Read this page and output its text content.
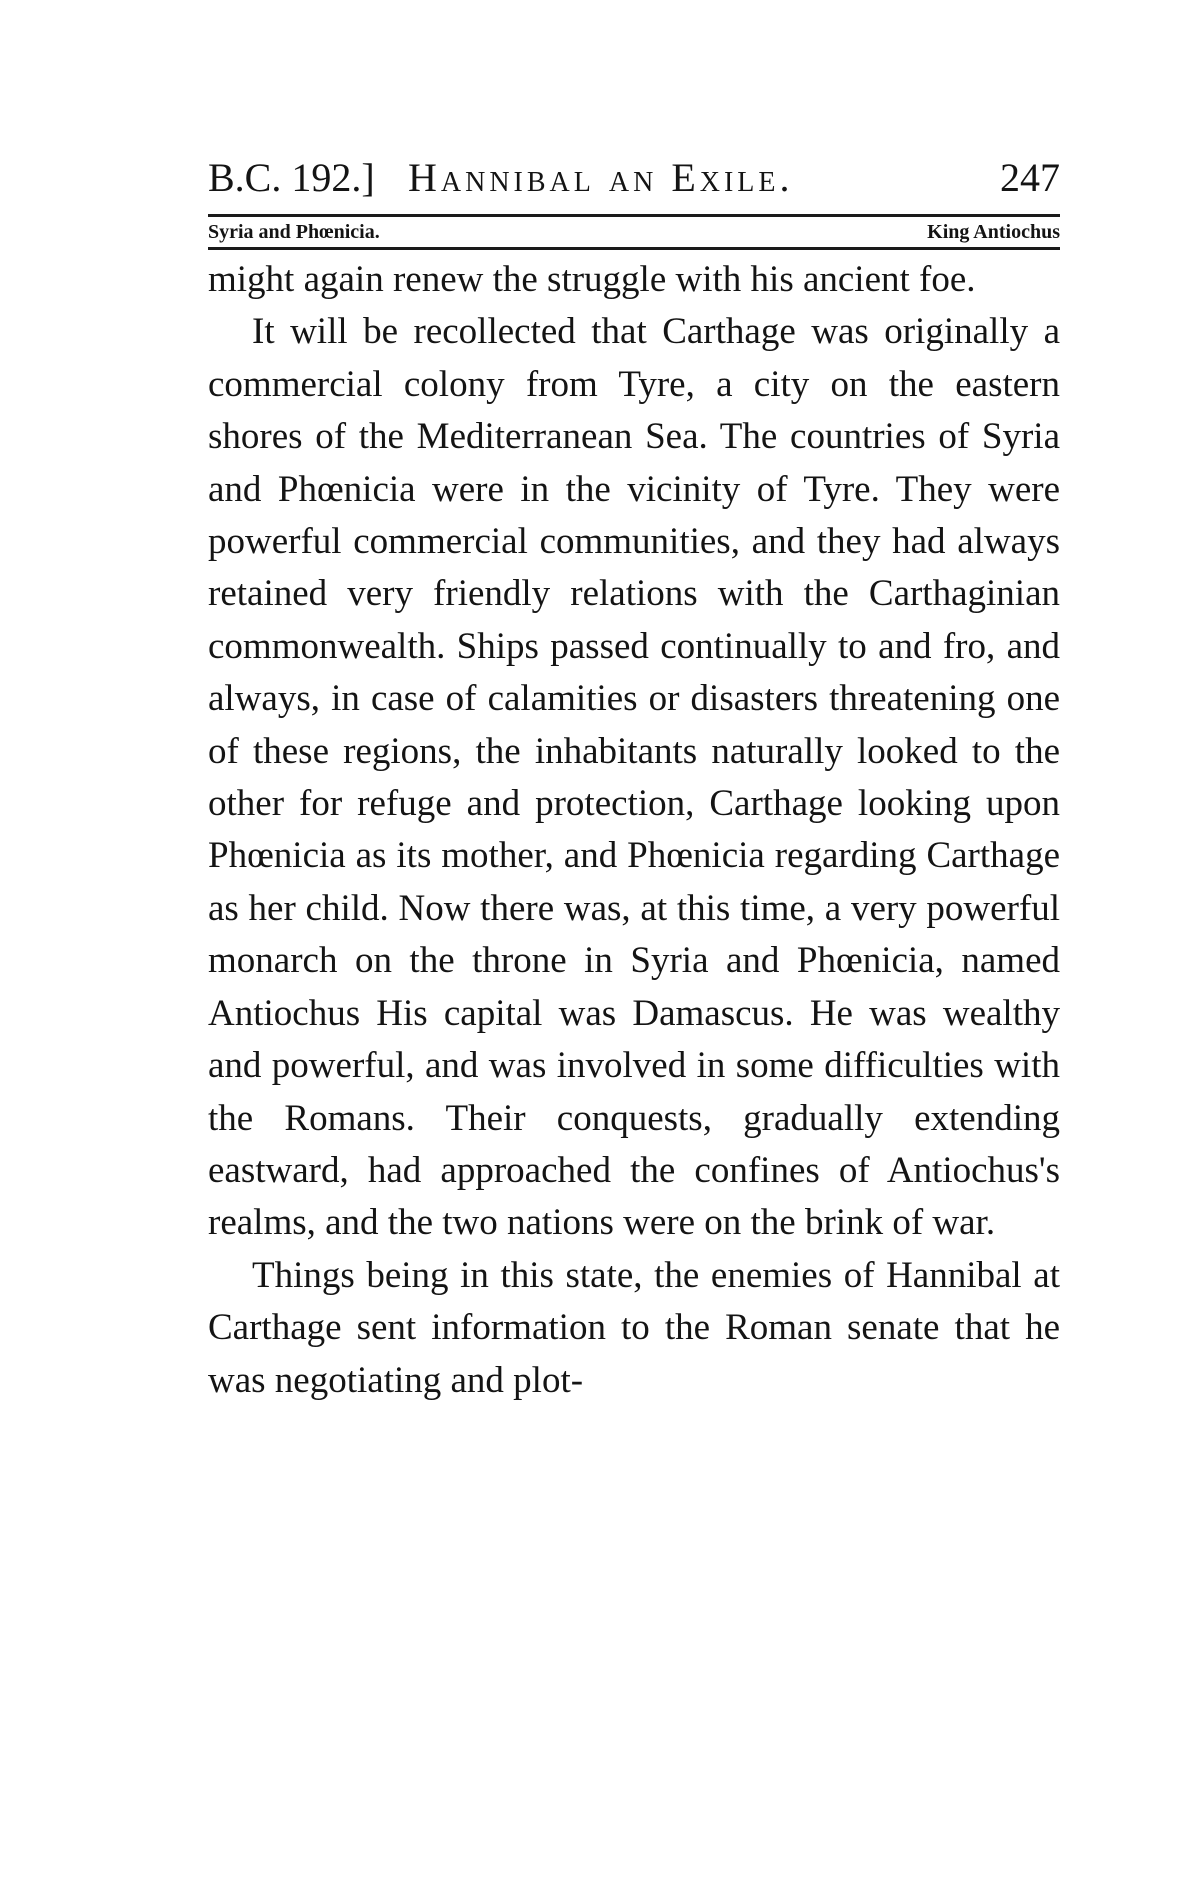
B.C. 192.] Hannibal an Exile.	247
Syria and Phœnicia.	King Antiochus

might again renew the struggle with his ancient foe.

It will be recollected that Carthage was originally a commercial colony from Tyre, a city on the eastern shores of the Mediterranean Sea. The countries of Syria and Phœnicia were in the vicinity of Tyre. They were powerful commercial communities, and they had always retained very friendly relations with the Carthaginian commonwealth. Ships passed continually to and fro, and always, in case of calamities or disasters threatening one of these regions, the inhabitants naturally looked to the other for refuge and protection, Carthage looking upon Phœnicia as its mother, and Phœnicia regarding Carthage as her child. Now there was, at this time, a very powerful monarch on the throne in Syria and Phœnicia, named Antiochus His capital was Damascus. He was wealthy and powerful, and was involved in some difficulties with the Romans. Their conquests, gradually extending eastward, had approached the confines of Antiochus's realms, and the two nations were on the brink of war.

Things being in this state, the enemies of Hannibal at Carthage sent information to the Roman senate that he was negotiating and plot-
